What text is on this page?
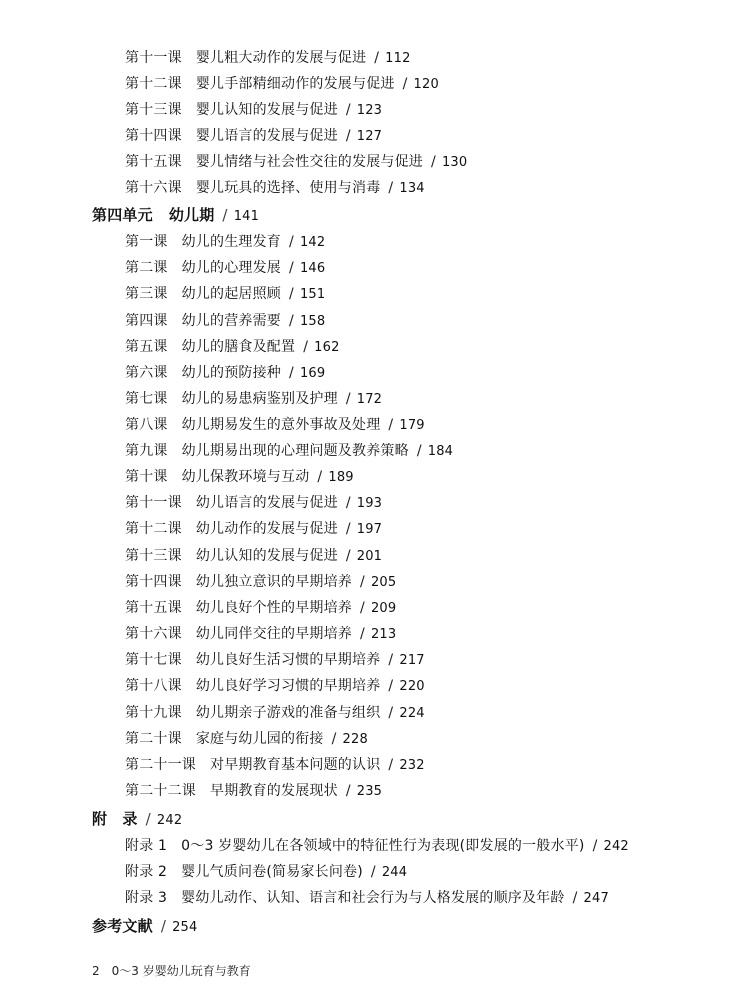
第十一课 婴儿粗大动作的发展与促进 / 112
第十二课 婴儿手部精细动作的发展与促进 / 120
第十三课 婴儿认知的发展与促进 / 123
第十四课 婴儿语言的发展与促进 / 127
第十五课 婴儿情绪与社会性交往的发展与促进 / 130
第十六课 婴儿玩具的选择、使用与消毒 / 134
第四单元 幼儿期 / 141
第一课 幼儿的生理发育 / 142
第二课 幼儿的心理发展 / 146
第三课 幼儿的起居照顾 / 151
第四课 幼儿的营养需要 / 158
第五课 幼儿的膳食及配置 / 162
第六课 幼儿的预防接种 / 169
第七课 幼儿的易患病鉴别及护理 / 172
第八课 幼儿期易发生的意外事故及处理 / 179
第九课 幼儿期易出现的心理问题及教养策略 / 184
第十课 幼儿保教环境与互动 / 189
第十一课 幼儿语言的发展与促进 / 193
第十二课 幼儿动作的发展与促进 / 197
第十三课 幼儿认知的发展与促进 / 201
第十四课 幼儿独立意识的早期培养 / 205
第十五课 幼儿良好个性的早期培养 / 209
第十六课 幼儿同伴交往的早期培养 / 213
第十七课 幼儿良好生活习惯的早期培养 / 217
第十八课 幼儿良好学习习惯的早期培养 / 220
第十九课 幼儿期亲子游戏的准备与组织 / 224
第二十课 家庭与幼儿园的衔接 / 228
第二十一课 对早期教育基本问题的认识 / 232
第二十二课 早期教育的发展现状 / 235
附　录 / 242
附录 1 0～3 岁婴幼儿在各领域中的特征性行为表现(即发展的一般水平) / 242
附录 2 婴儿气质问卷(简易家长问卷) / 244
附录 3 婴幼儿动作、认知、语言和社会行为与人格发展的顺序及年龄 / 247
参考文献 / 254
2 0～3 岁婴幼儿玩育与教育
